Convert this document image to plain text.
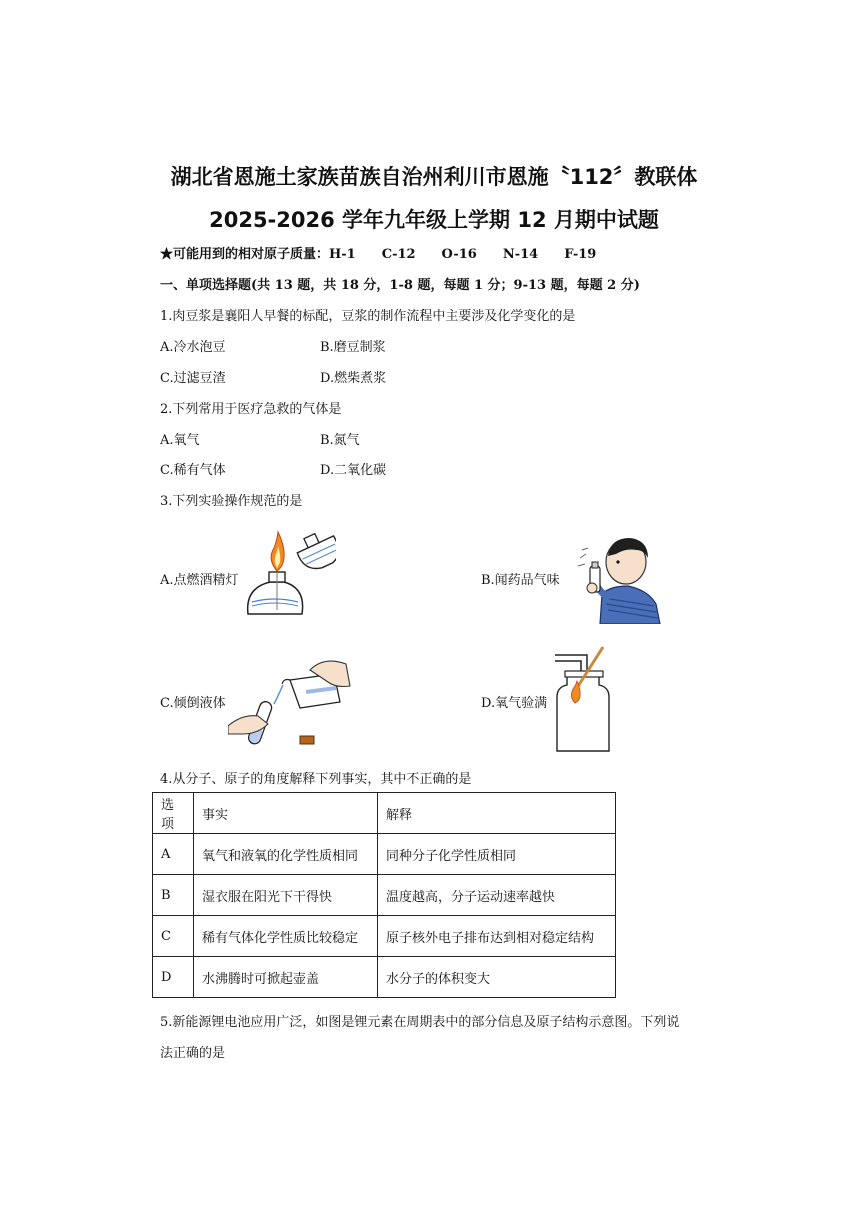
湖北省恩施土家族苗族自治州利川市恩施〝112〞教联体
2025-2026 学年九年级上学期 12 月期中试题
★可能用到的相对原子质量：H-1　　C-12　　O-16　　N-14　　F-19
一、单项选择题(共 13 题，共 18 分，1-8 题，每题 1 分；9-13 题，每题 2 分)
1.肉豆浆是襄阳人早餐的标配，豆浆的制作流程中主要涉及化学变化的是
A.冷水泡豆	B.磨豆制浆
C.过滤豆渣	D.燃柴煮浆
2.下列常用于医疗急救的气体是
A.氧气	B.氮气
C.稀有气体	D.二氧化碳
3.下列实验操作规范的是
A.点燃酒精灯	B.闻药品气味
C.倾倒液体	D.氧气验满
4.从分子、原子的角度解释下列事实，其中不正确的是
选项	事实	解释
A	氧气和液氧的化学性质相同	同种分子化学性质相同
B	湿衣服在阳光下干得快	温度越高，分子运动速率越快
C	稀有气体化学性质比较稳定	原子核外电子排布达到相对稳定结构
D	水沸腾时可掀起壶盖	水分子的体积变大
5.新能源锂电池应用广泛，如图是锂元素在周期表中的部分信息及原子结构示意图。下列说
法正确的是
